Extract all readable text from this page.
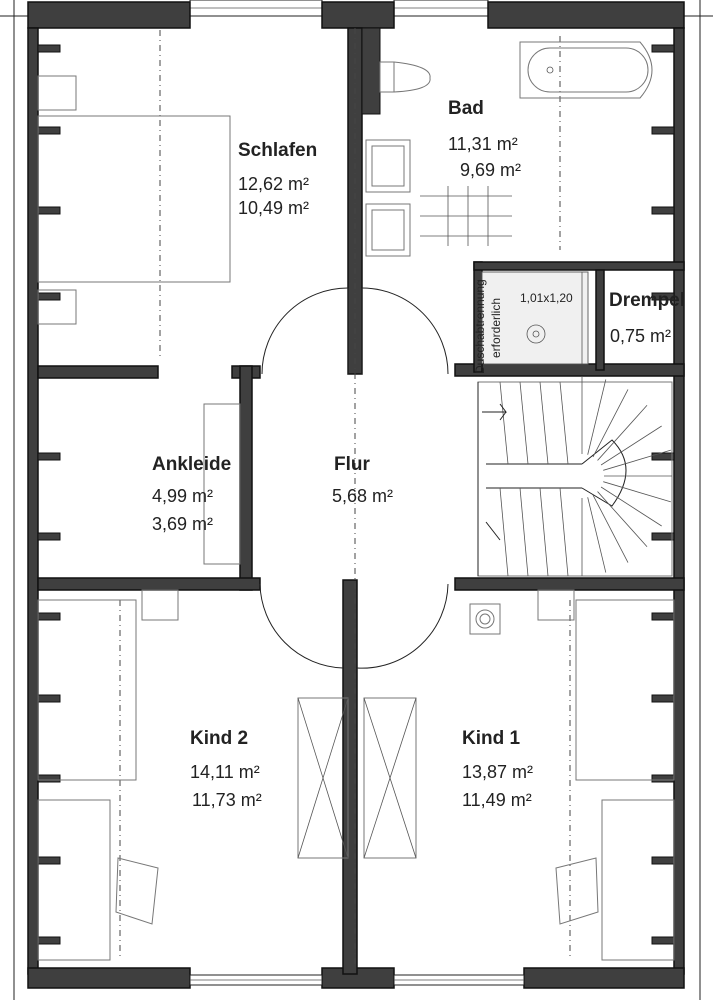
Schlafen
12,62 m²
10,49 m²
Bad
11,31 m²
9,69 m²
Drempel
0,75 m²
1,01x1,20
Duschabtrennung erforderlich
Ankleide
4,99 m²
3,69 m²
Flur
5,68 m²
Kind 2
14,11 m²
11,73 m²
Kind 1
13,87 m²
11,49 m²
